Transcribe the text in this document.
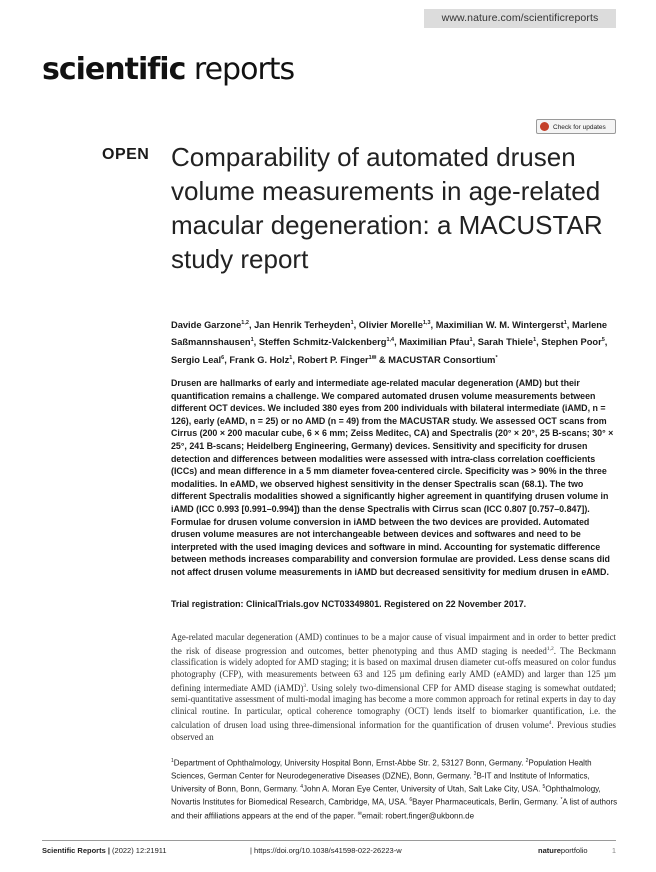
www.nature.com/scientificreports
scientific reports
Check for updates
OPEN Comparability of automated drusen volume measurements in age-related macular degeneration: a MACUSTAR study report
Davide Garzone$^{1,2}$, Jan Henrik Terheyden$^1$, Olivier Morelle$^{1,3}$, Maximilian W. M. Wintergerst$^1$, Marlene Saßmannshausen$^1$, Steffen Schmitz-Valckenberg$^{1,4}$, Maximilian Pfau$^1$, Sarah Thiele$^1$, Stephen Poor$^5$, Sergio Leal$^6$, Frank G. Holz$^1$, Robert P. Finger$^{1✉}$ & MACUSTAR Consortium*
Drusen are hallmarks of early and intermediate age-related macular degeneration (AMD) but their quantification remains a challenge. We compared automated drusen volume measurements between different OCT devices. We included 380 eyes from 200 individuals with bilateral intermediate (iAMD, n = 126), early (eAMD, n = 25) or no AMD (n = 49) from the MACUSTAR study. We assessed OCT scans from Cirrus (200 × 200 macular cube, 6 × 6 mm; Zeiss Meditec, CA) and Spectralis (20° × 20°, 25 B-scans; 30° × 25°, 241 B-scans; Heidelberg Engineering, Germany) devices. Sensitivity and specificity for drusen detection and differences between modalities were assessed with intra-class correlation coefficients (ICCs) and mean difference in a 5 mm diameter fovea-centered circle. Specificity was > 90% in the three modalities. In eAMD, we observed highest sensitivity in the denser Spectralis scan (68.1). The two different Spectralis modalities showed a significantly higher agreement in quantifying drusen volume in iAMD (ICC 0.993 [0.991–0.994]) than the dense Spectralis with Cirrus scan (ICC 0.807 [0.757–0.847]). Formulae for drusen volume conversion in iAMD between the two devices are provided. Automated drusen volume measures are not interchangeable between devices and softwares and need to be interpreted with the used imaging devices and software in mind. Accounting for systematic difference between methods increases comparability and conversion formulae are provided. Less dense scans did not affect drusen volume measurements in iAMD but decreased sensitivity for medium drusen in eAMD.
Trial registration: ClinicalTrials.gov NCT03349801. Registered on 22 November 2017.
Age-related macular degeneration (AMD) continues to be a major cause of visual impairment and in order to better predict the risk of disease progression and outcomes, better phenotyping and thus AMD staging is needed$^{1,2}$. The Beckmann classification is widely adopted for AMD staging; it is based on maximal drusen diameter cut-offs measured on color fundus photography (CFP), with measurements between 63 and 125 µm defining early AMD (eAMD) and larger than 125 µm defining intermediate AMD (iAMD)$^3$. Using solely two-dimensional CFP for AMD disease staging is somewhat outdated; semi-quantitative assessment of multi-modal imaging has become a more common approach for retinal experts in day to day clinical routine. In particular, optical coherence tomography (OCT) lends itself to biomarker quantification, i.e. the calculation of drusen load using three-dimensional information for the quantification of drusen volume$^4$. Previous studies observed an
$^1$Department of Ophthalmology, University Hospital Bonn, Ernst-Abbe Str. 2, 53127 Bonn, Germany. $^2$Population Health Sciences, German Center for Neurodegenerative Diseases (DZNE), Bonn, Germany. $^3$B-IT and Institute of Informatics, University of Bonn, Bonn, Germany. $^4$John A. Moran Eye Center, University of Utah, Salt Lake City, USA. $^5$Ophthalmology, Novartis Institutes for Biomedical Research, Cambridge, MA, USA. $^6$Bayer Pharmaceuticals, Berlin, Germany. *A list of authors and their affiliations appears at the end of the paper. ✉email: robert.finger@ukbonn.de
Scientific Reports | (2022) 12:21911	| https://doi.org/10.1038/s41598-022-26223-w	natureportfolio	1
